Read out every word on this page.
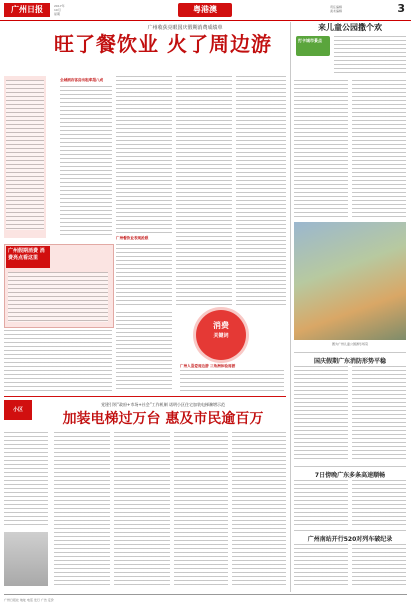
广州日报	2017年
10月
星期	粤港澳	责任编辑
美术编辑	3
广州收获亮眼国庆假期消费成绩单
旺了餐饮业 火了周边游
全城酒店客房出租率超八成
广州餐饮业表现抢眼
广州假期消费 消费亮点看这里
消费
关键词
广州人喜爱周边游 三角洲体验周游
小区
党建引领“政府+市场+社会”工作机制 诺明小区住宅加装电梯骤增示范
加装电梯过万台 惠及市民逾百万
来儿童公园撒个欢
打卡城市景点
图为广州儿童公园游乐场景
国庆假期广东消防形势平稳
7日傍晚广东多条高速顺畅
广州南站开行520对列车破纪录
广州日报社 地址 电话 发行 广告 定价
